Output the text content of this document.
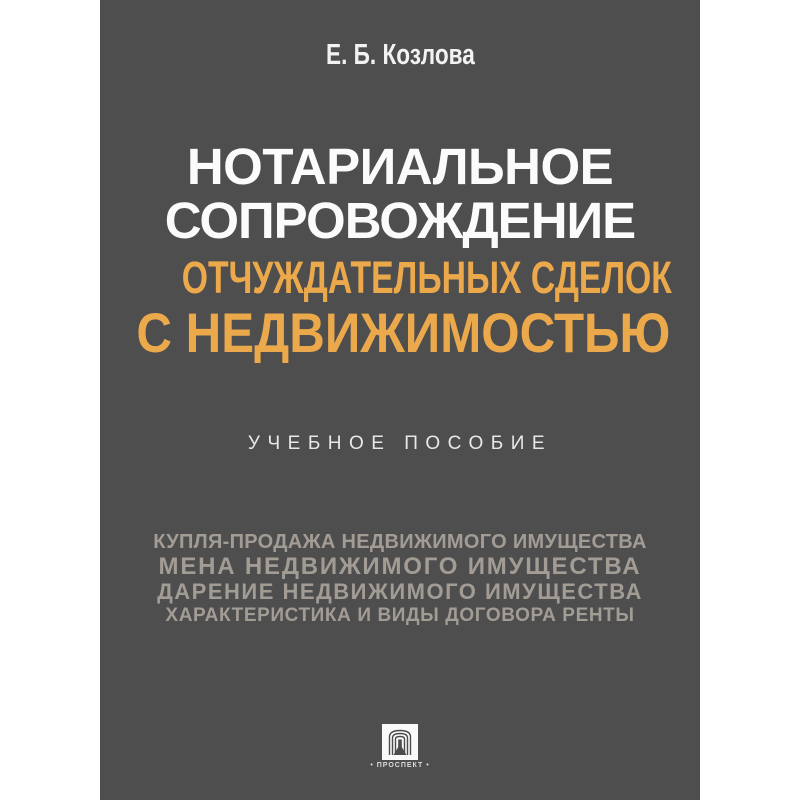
Е. Б. Козлова
НОТАРИАЛЬНОЕ
СОПРОВОЖДЕНИЕ
ОТЧУЖДАТЕЛЬНЫХ СДЕЛОК
С НЕДВИЖИМОСТЬЮ
УЧЕБНОЕ ПОСОБИЕ
КУПЛЯ-ПРОДАЖА НЕДВИЖИМОГО ИМУЩЕСТВА
МЕНА НЕДВИЖИМОГО ИМУЩЕСТВА
ДАРЕНИЕ НЕДВИЖИМОГО ИМУЩЕСТВА
ХАРАКТЕРИСТИКА И ВИДЫ ДОГОВОРА РЕНТЫ
• ПРОСПЕКТ •
